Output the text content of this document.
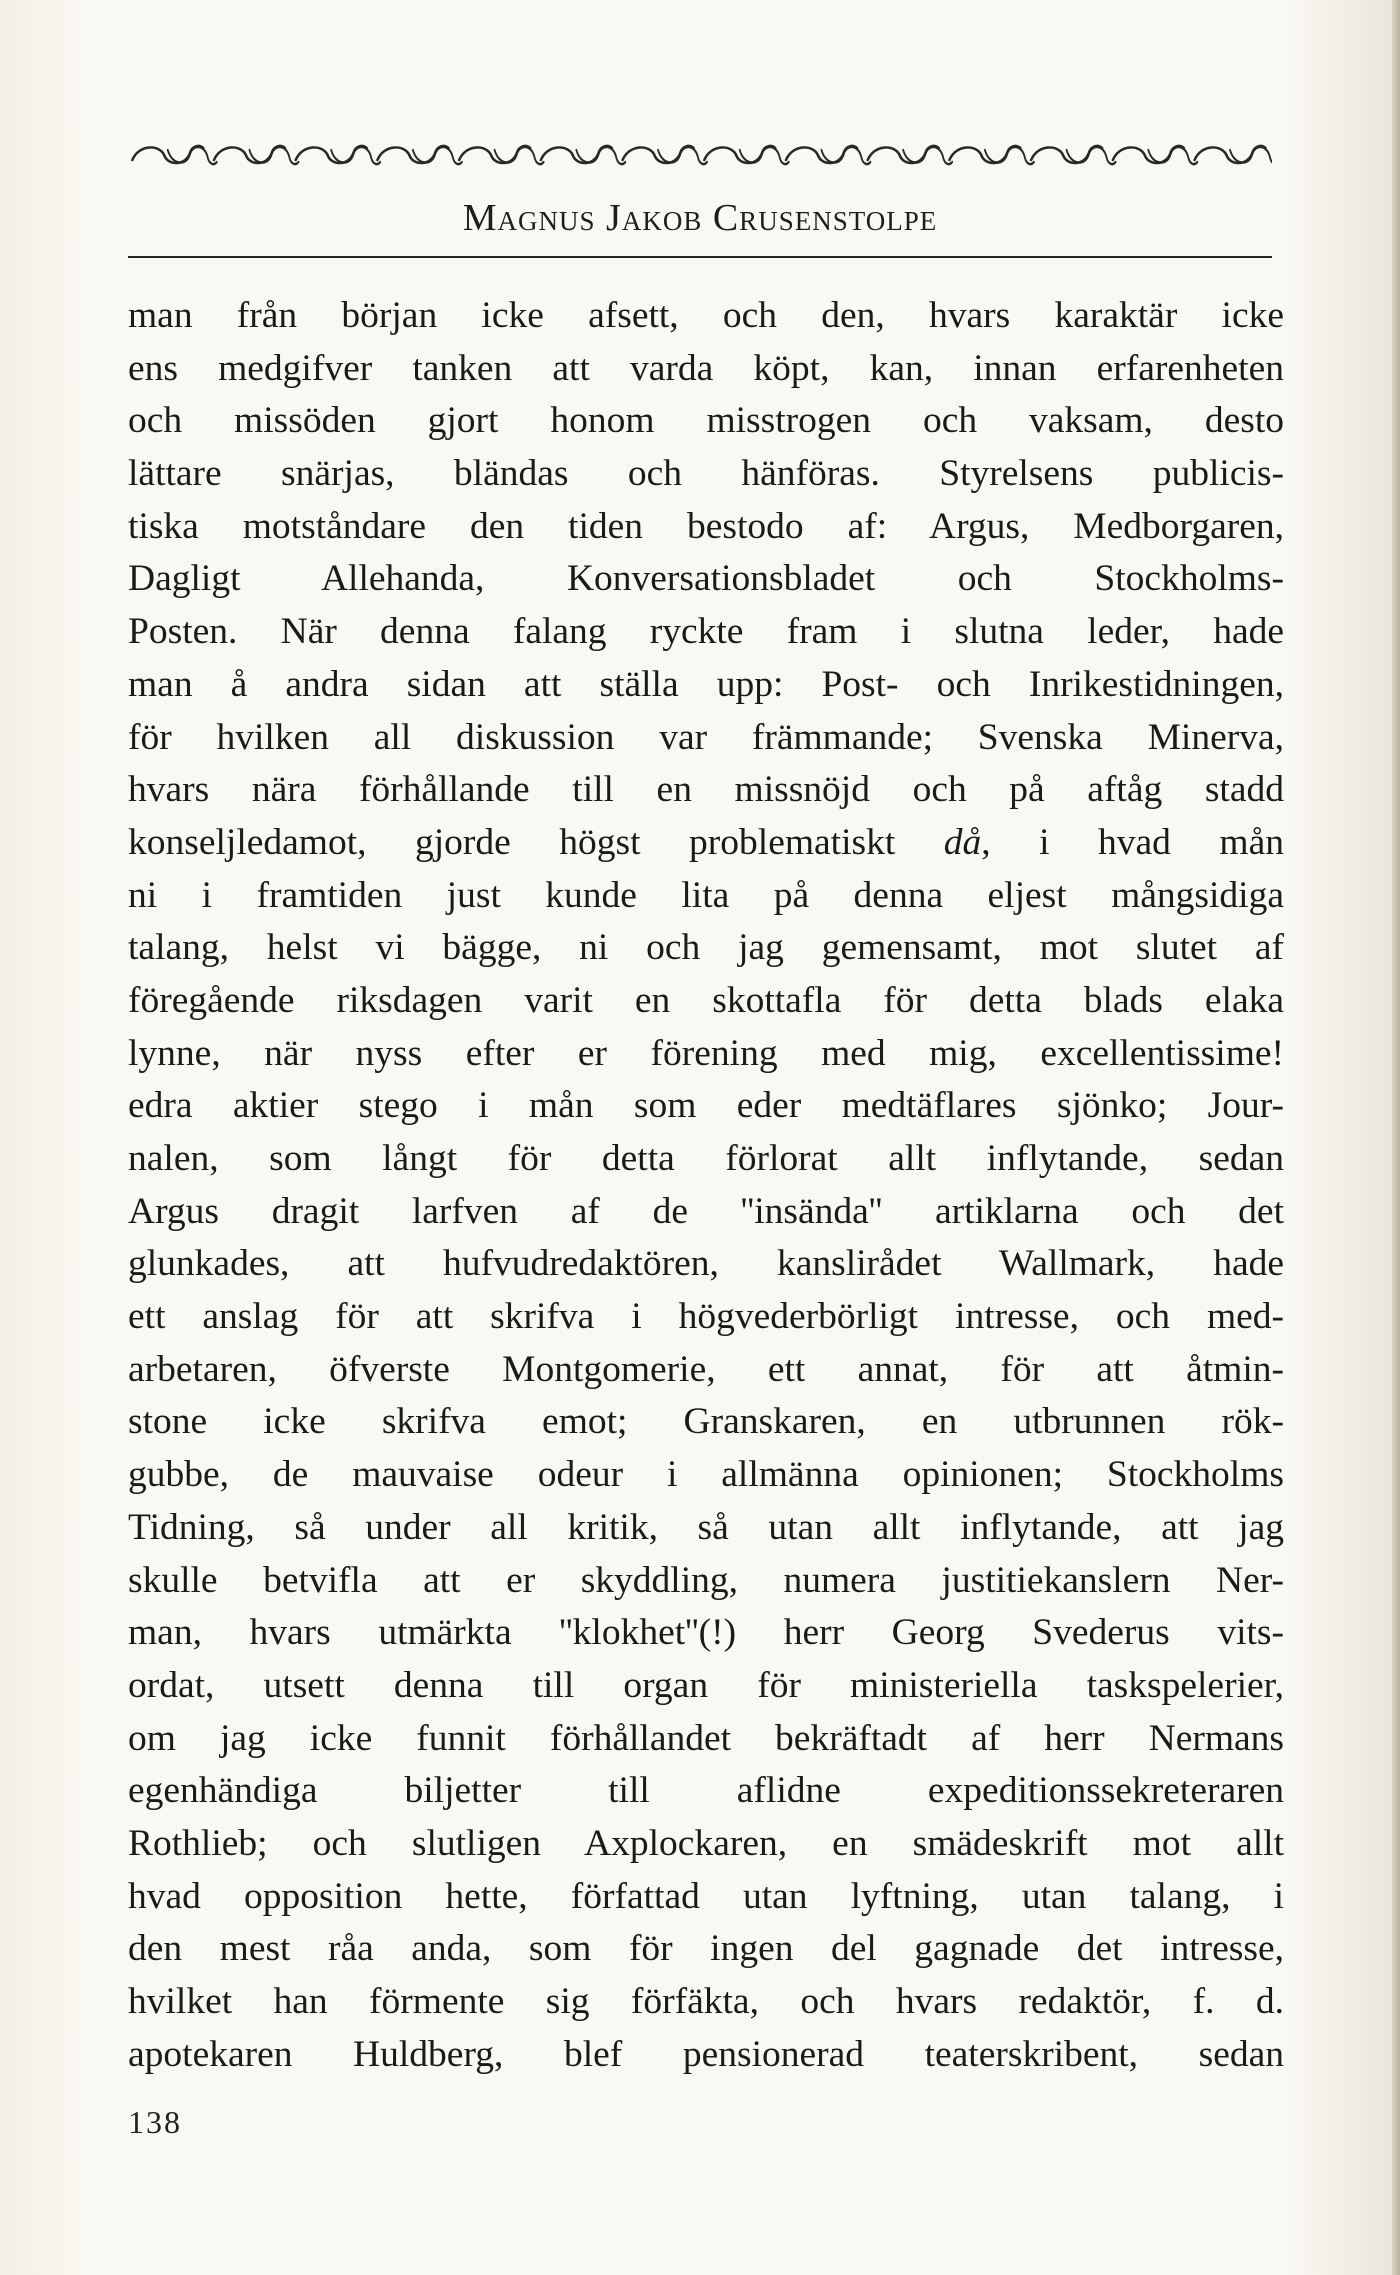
Magnus Jakob Crusenstolpe
man från början icke afsett, och den, hvars karaktär icke
ens medgifver tanken att varda köpt, kan, innan erfarenheten
och missöden gjort honom misstrogen och vaksam, desto
lättare snärjas, bländas och hänföras. Styrelsens publicis-
tiska motståndare den tiden bestodo af: Argus, Medborgaren,
Dagligt Allehanda, Konversationsbladet och Stockholms-
Posten. När denna falang ryckte fram i slutna leder, hade
man å andra sidan att ställa upp: Post- och Inrikestidningen,
för hvilken all diskussion var främmande; Svenska Minerva,
hvars nära förhållande till en missnöjd och på aftåg stadd
konseljledamot, gjorde högst problematiskt då, i hvad mån
ni i framtiden just kunde lita på denna eljest mångsidiga
talang, helst vi bägge, ni och jag gemensamt, mot slutet af
föregående riksdagen varit en skottafla för detta blads elaka
lynne, när nyss efter er förening med mig, excellentissime!
edra aktier stego i mån som eder medtäflares sjönko; Jour-
nalen, som långt för detta förlorat allt inflytande, sedan
Argus dragit larfven af de ''insända'' artiklarna och det
glunkades, att hufvudredaktören, kanslirådet Wallmark, hade
ett anslag för att skrifva i högvederbörligt intresse, och med-
arbetaren, öfverste Montgomerie, ett annat, för att åtmin-
stone icke skrifva emot; Granskaren, en utbrunnen rök-
gubbe, de mauvaise odeur i allmänna opinionen; Stockholms
Tidning, så under all kritik, så utan allt inflytande, att jag
skulle betvifla att er skyddling, numera justitiekanslern Ner-
man, hvars utmärkta ''klokhet''(!) herr Georg Svederus vits-
ordat, utsett denna till organ för ministeriella taskspelerier,
om jag icke funnit förhållandet bekräftadt af herr Nermans
egenhändiga biljetter till aflidne expeditionssekreteraren
Rothlieb; och slutligen Axplockaren, en smädeskrift mot allt
hvad opposition hette, författad utan lyftning, utan talang, i
den mest råa anda, som för ingen del gagnade det intresse,
hvilket han förmente sig förfäkta, och hvars redaktör, f. d.
apotekaren Huldberg, blef pensionerad teaterskribent, sedan
138
